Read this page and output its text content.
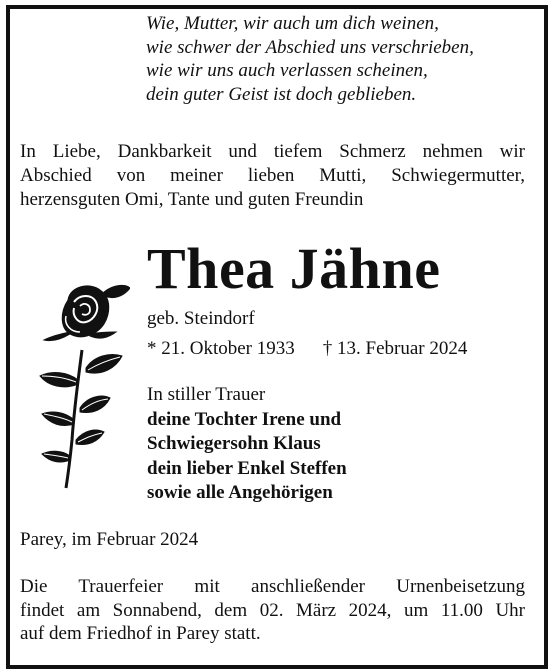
Wie, Mutter, wir auch um dich weinen,
wie schwer der Abschied uns verschrieben,
wie wir uns auch verlassen scheinen,
dein guter Geist ist doch geblieben.
In Liebe, Dankbarkeit und tiefem Schmerz nehmen wir
Abschied von meiner lieben Mutti, Schwiegermutter,
herzensguten Omi, Tante und guten Freundin
Thea Jähne
geb. Steindorf
* 21. Oktober 1933 † 13. Februar 2024
In stiller Trauer
deine Tochter Irene und
Schwiegersohn Klaus
dein lieber Enkel Steffen
sowie alle Angehörigen
Parey, im Februar 2024
Die Trauerfeier mit anschließender Urnenbeisetzung
findet am Sonnabend, dem 02. März 2024, um 11.00 Uhr
auf dem Friedhof in Parey statt.
